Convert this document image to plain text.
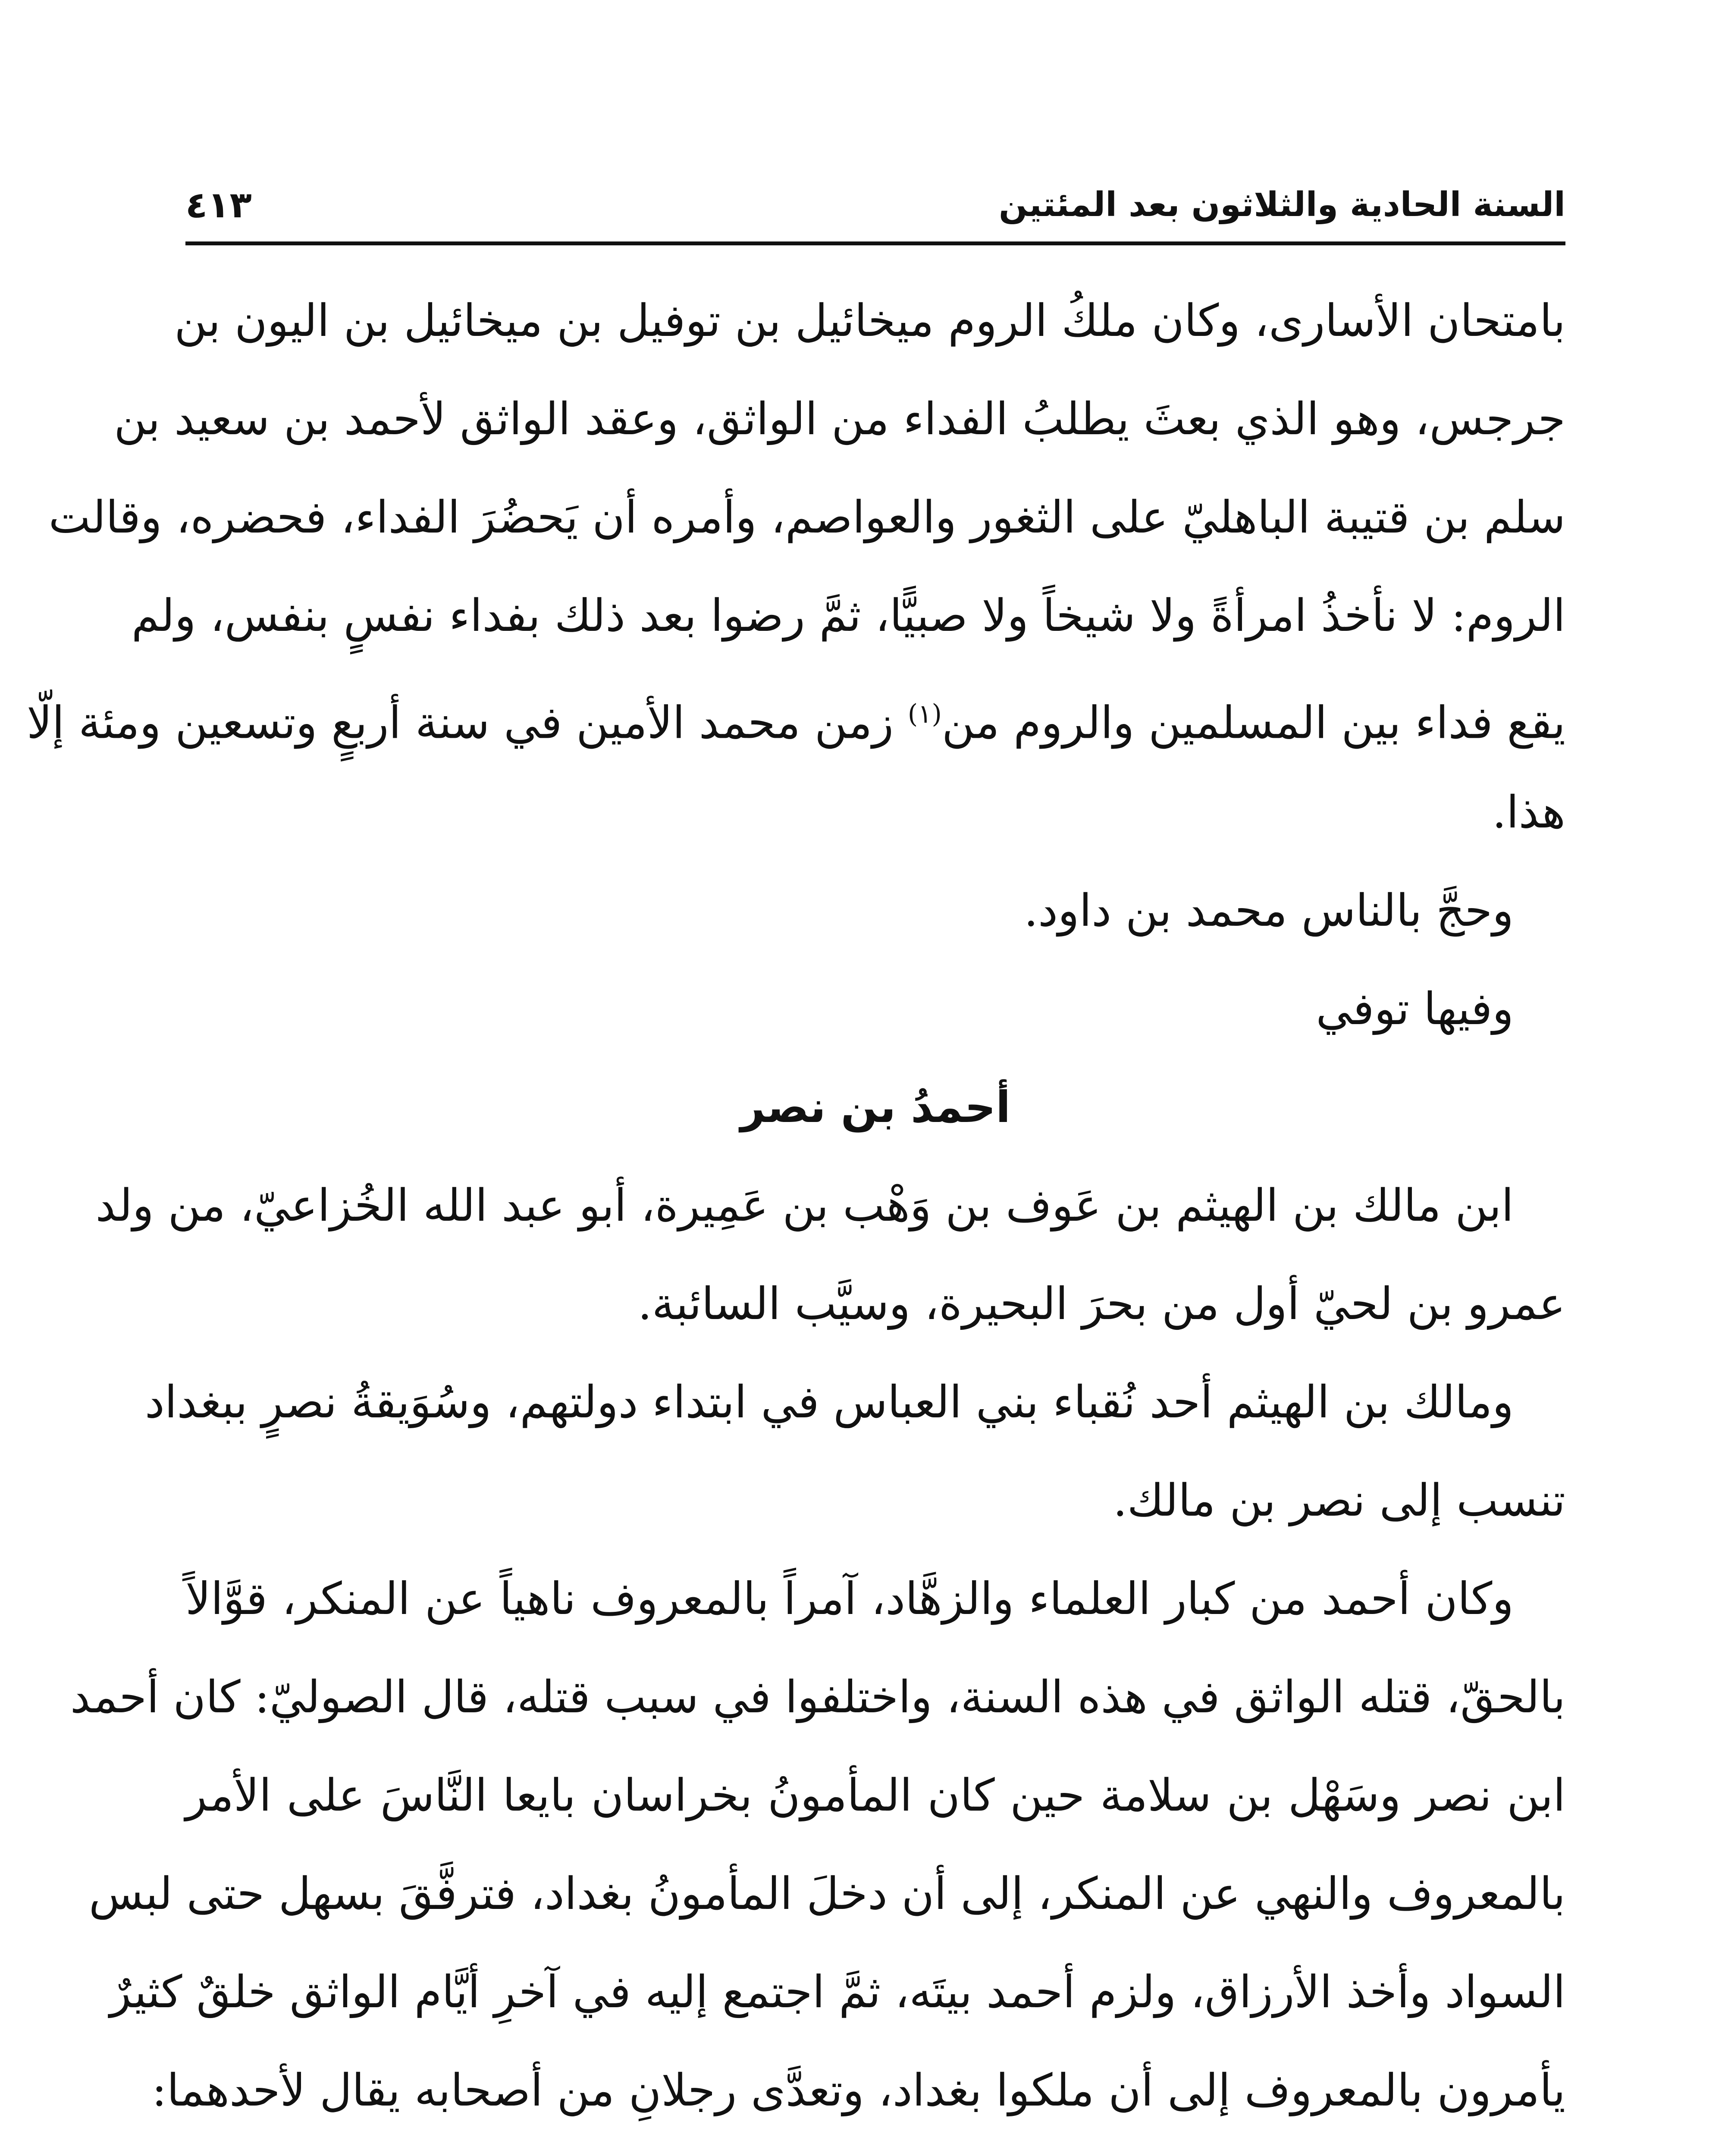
السنة الحادية والثلاثون بعد المئتين
٤١٣
بامتحان الأسارى، وكان ملكُ الروم ميخائيل بن توفيل بن ميخائيل بن اليون بن
جرجس، وهو الذي بعثَ يطلبُ الفداء من الواثق، وعقد الواثق لأحمد بن سعيد بن
سلم بن قتيبة الباهليّ على الثغور والعواصم، وأمره أن يَحضُرَ الفداء، فحضره، وقالت
الروم: لا نأخذُ امرأةً ولا شيخاً ولا صبيًّا، ثمَّ رضوا بعد ذلك بفداء نفسٍ بنفس، ولم
يقع فداء بين المسلمين والروم من$^{(١)}$ زمن محمد الأمين في سنة أربعٍ وتسعين ومئة إلّا
هذا.
وحجَّ بالناس محمد بن داود.
وفيها توفي
أحمدُ بن نصر
ابن مالك بن الهيثم بن عَوف بن وَهْب بن عَمِيرة، أبو عبد الله الخُزاعيّ، من ولد
عمرو بن لحيّ أول من بحرَ البحيرة، وسيَّب السائبة.
ومالك بن الهيثم أحد نُقباء بني العباس في ابتداء دولتهم، وسُوَيقةُ نصرٍ ببغداد
تنسب إلى نصر بن مالك.
وكان أحمد من كبار العلماء والزهَّاد، آمراً بالمعروف ناهياً عن المنكر، قوَّالاً
بالحقّ، قتله الواثق في هذه السنة، واختلفوا في سبب قتله، قال الصوليّ: كان أحمد
ابن نصر وسَهْل بن سلامة حين كان المأمونُ بخراسان بايعا النَّاسَ على الأمر
بالمعروف والنهي عن المنكر، إلى أن دخلَ المأمونُ بغداد، فترفَّقَ بسهل حتى لبس
السواد وأخذ الأرزاق، ولزم أحمد بيتَه، ثمَّ اجتمع إليه في آخرِ أيَّام الواثق خلقٌ كثيرٌ
يأمرون بالمعروف إلى أن ملكوا بغداد، وتعدَّى رجلانِ من أصحابه يقال لأحدهما:
